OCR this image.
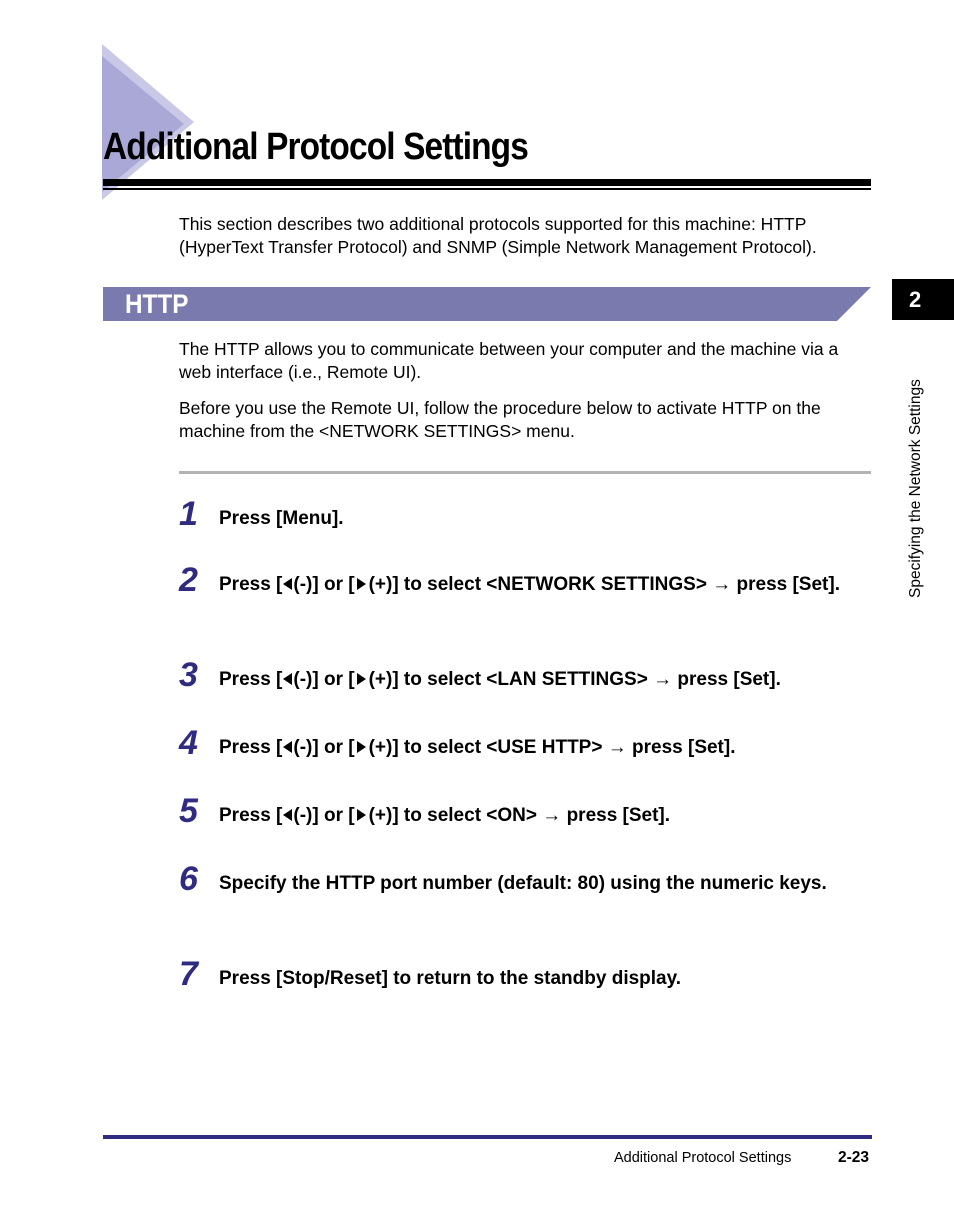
Additional Protocol Settings

This section describes two additional protocols supported for this machine: HTTP (HyperText Transfer Protocol) and SNMP (Simple Network Management Protocol).

HTTP

The HTTP allows you to communicate between your computer and the machine via a web interface (i.e., Remote UI).

Before you use the Remote UI, follow the procedure below to activate HTTP on the machine from the <NETWORK SETTINGS> menu.

1	Press [Menu].

2	Press [ (-)] or [ (+)] to select <NETWORK SETTINGS> → press [Set].

3	Press [ (-)] or [ (+)] to select <LAN SETTINGS> → press [Set].

4	Press [ (-)] or [ (+)] to select <USE HTTP> → press [Set].

5	Press [ (-)] or [ (+)] to select <ON> → press [Set].

6	Specify the HTTP port number (default: 80) using the numeric keys.

7	Press [Stop/Reset] to return to the standby display.

2
Specifying the Network Settings
Additional Protocol Settings	2-23
